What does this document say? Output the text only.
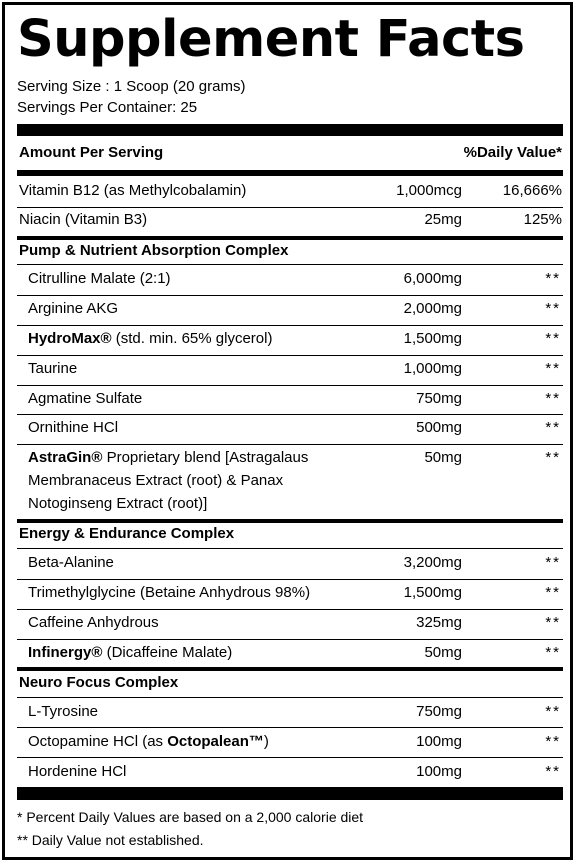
Supplement Facts
Serving Size : 1 Scoop (20 grams)
Servings Per Container: 25
Amount Per Serving	%Daily Value*
Vitamin B12 (as Methylcobalamin)	1,000mcg	16,666%
Niacin (Vitamin B3)	25mg	125%
Pump & Nutrient Absorption Complex
Citrulline Malate (2:1)	6,000mg	**
Arginine AKG	2,000mg	**
HydroMax® (std. min. 65% glycerol)	1,500mg	**
Taurine	1,000mg	**
Agmatine Sulfate	750mg	**
Ornithine HCl	500mg	**
AstraGin® Proprietary blend [Astragalaus	50mg	**
Membranaceus Extract (root) & Panax
Notoginseng Extract (root)]
Energy & Endurance Complex
Beta-Alanine	3,200mg	**
Trimethylglycine (Betaine Anhydrous 98%)	1,500mg	**
Caffeine Anhydrous	325mg	**
Infinergy® (Dicaffeine Malate)	50mg	**
Neuro Focus Complex
L-Tyrosine	750mg	**
Octopamine HCl (as Octopalean™)	100mg	**
Hordenine HCl	100mg	**
* Percent Daily Values are based on a 2,000 calorie diet
** Daily Value not established.
